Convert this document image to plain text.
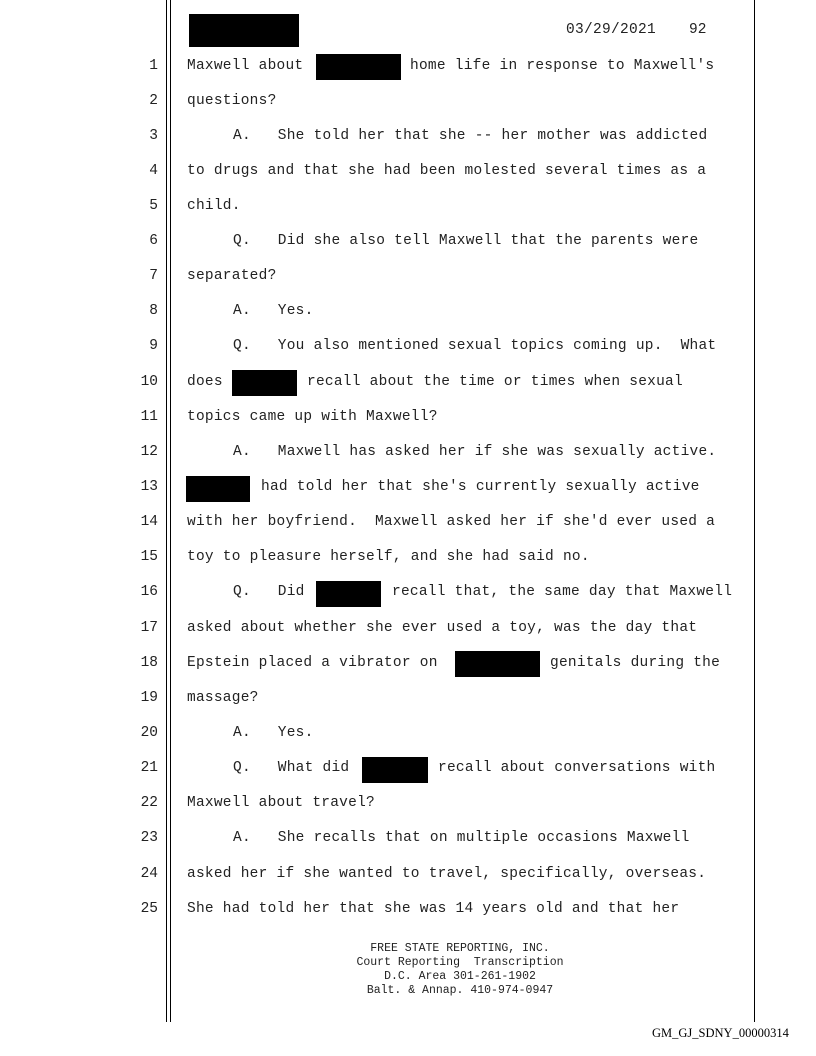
03/29/2021 92
1 Maxwell about	home life in response to Maxwell's
2 questions?
3	A.   She told her that she -- her mother was addicted
4 to drugs and that she had been molested several times as a
5 child.
6	Q.   Did she also tell Maxwell that the parents were
7 separated?
8	A.   Yes.
9	Q.   You also mentioned sexual topics coming up.  What
10 does	recall about the time or times when sexual
11 topics came up with Maxwell?
12	A.   Maxwell has asked her if she was sexually active.
13	had told her that she's currently sexually active
14 with her boyfriend.  Maxwell asked her if she'd ever used a
15 toy to pleasure herself, and she had said no.
16	Q.   Did	recall that, the same day that Maxwell
17 asked about whether she ever used a toy, was the day that
18 Epstein placed a vibrator on	genitals during the
19 massage?
20	A.   Yes.
21	Q.   What did	recall about conversations with
22 Maxwell about travel?
23	A.   She recalls that on multiple occasions Maxwell
24 asked her if she wanted to travel, specifically, overseas.
25 She had told her that she was 14 years old and that her
FREE STATE REPORTING, INC.
Court Reporting  Transcription
D.C. Area 301-261-1902
Balt. & Annap. 410-974-0947
GM_GJ_SDNY_00000314
